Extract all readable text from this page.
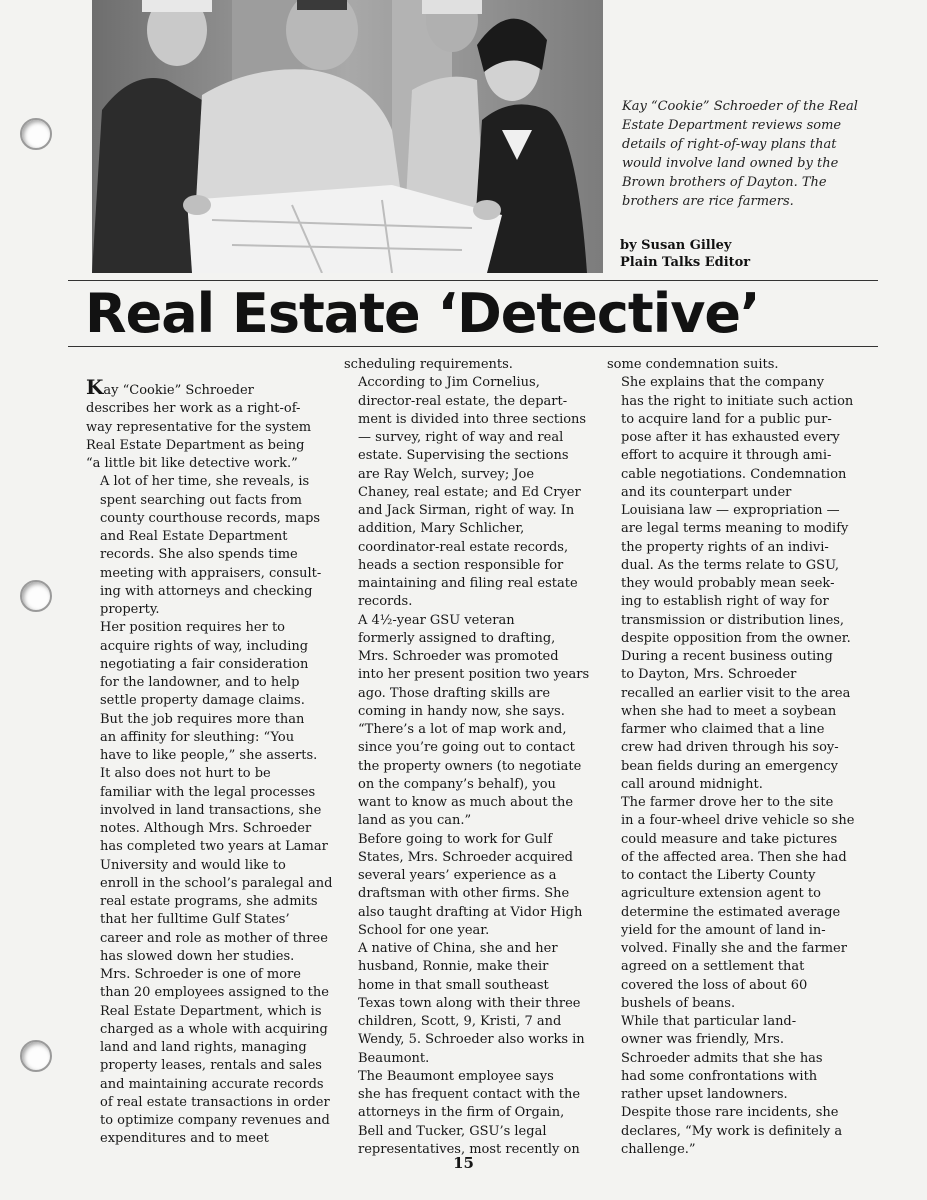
Kay “Cookie” Schroeder of the Real Estate Department reviews some details of right-of-way plans that would involve land owned by the Brown brothers of Dayton. The brothers are rice farmers.
by Susan Gilley
Plain Talks Editor
Real Estate ‘Detective’
Kay “Cookie” Schroeder
describes her work as a right-of-
way representative for the system
Real Estate Department as being
“a little bit like detective work.”
A lot of her time, she reveals, is
spent searching out facts from
county courthouse records, maps
and Real Estate Department
records. She also spends time
meeting with appraisers, consult-
ing with attorneys and checking
property.
Her position requires her to
acquire rights of way, including
negotiating a fair consideration
for the landowner, and to help
settle property damage claims.
But the job requires more than
an affinity for sleuthing: “You
have to like people,” she asserts.
It also does not hurt to be
familiar with the legal processes
involved in land transactions, she
notes. Although Mrs. Schroeder
has completed two years at Lamar
University and would like to
enroll in the school’s paralegal and
real estate programs, she admits
that her fulltime Gulf States’
career and role as mother of three
has slowed down her studies.
Mrs. Schroeder is one of more
than 20 employees assigned to the
Real Estate Department, which is
charged as a whole with acquiring
land and land rights, managing
property leases, rentals and sales
and maintaining accurate records
of real estate transactions in order
to optimize company revenues and
expenditures and to meet
scheduling requirements.
According to Jim Cornelius,
director-real estate, the depart-
ment is divided into three sections
— survey, right of way and real
estate. Supervising the sections
are Ray Welch, survey; Joe
Chaney, real estate; and Ed Cryer
and Jack Sirman, right of way. In
addition, Mary Schlicher,
coordinator-real estate records,
heads a section responsible for
maintaining and filing real estate
records.
A 4½-year GSU veteran
formerly assigned to drafting,
Mrs. Schroeder was promoted
into her present position two years
ago. Those drafting skills are
coming in handy now, she says.
“There’s a lot of map work and,
since you’re going out to contact
the property owners (to negotiate
on the company’s behalf), you
want to know as much about the
land as you can.”
Before going to work for Gulf
States, Mrs. Schroeder acquired
several years’ experience as a
draftsman with other firms. She
also taught drafting at Vidor High
School for one year.
A native of China, she and her
husband, Ronnie, make their
home in that small southeast
Texas town along with their three
children, Scott, 9, Kristi, 7 and
Wendy, 5. Schroeder also works in
Beaumont.
The Beaumont employee says
she has frequent contact with the
attorneys in the firm of Orgain,
Bell and Tucker, GSU’s legal
representatives, most recently on
some condemnation suits.
She explains that the company
has the right to initiate such action
to acquire land for a public pur-
pose after it has exhausted every
effort to acquire it through ami-
cable negotiations. Condemnation
and its counterpart under
Louisiana law — expropriation —
are legal terms meaning to modify
the property rights of an indivi-
dual. As the terms relate to GSU,
they would probably mean seek-
ing to establish right of way for
transmission or distribution lines,
despite opposition from the owner.
During a recent business outing
to Dayton, Mrs. Schroeder
recalled an earlier visit to the area
when she had to meet a soybean
farmer who claimed that a line
crew had driven through his soy-
bean fields during an emergency
call around midnight.
The farmer drove her to the site
in a four-wheel drive vehicle so she
could measure and take pictures
of the affected area. Then she had
to contact the Liberty County
agriculture extension agent to
determine the estimated average
yield for the amount of land in-
volved. Finally she and the farmer
agreed on a settlement that
covered the loss of about 60
bushels of beans.
While that particular land-
owner was friendly, Mrs.
Schroeder admits that she has
had some confrontations with
rather upset landowners.
Despite those rare incidents, she
declares, “My work is definitely a
challenge.”
15
